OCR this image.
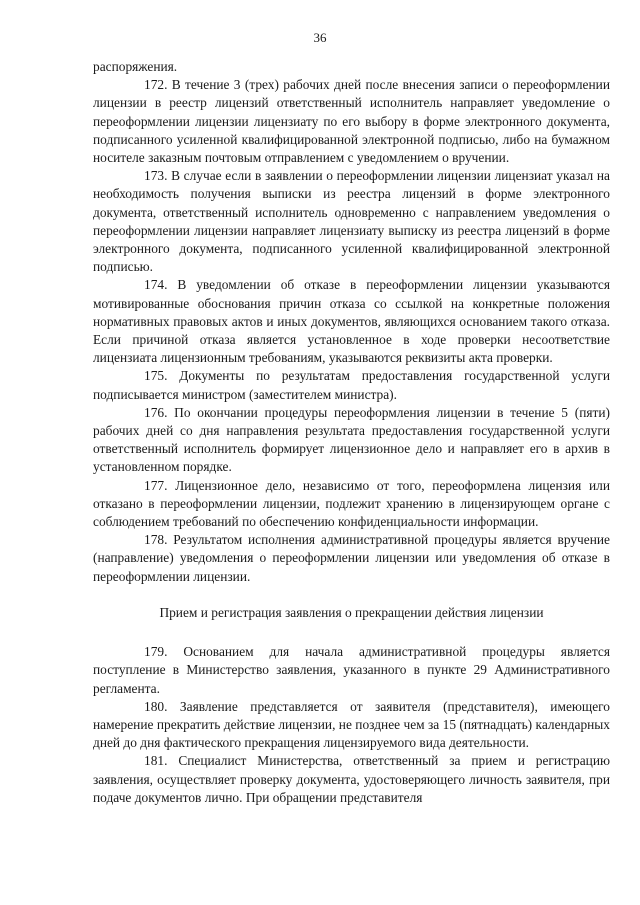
36

распоряжения.

172. В течение 3 (трех) рабочих дней после внесения записи о переоформлении лицензии в реестр лицензий ответственный исполнитель направляет уведомление о переоформлении лицензии лицензиату по его выбору в форме электронного документа, подписанного усиленной квалифицированной электронной подписью, либо на бумажном носителе заказным почтовым отправлением с уведомлением о вручении.

173. В случае если в заявлении о переоформлении лицензии лицензиат указал на необходимость получения выписки из реестра лицензий в форме электронного документа, ответственный исполнитель одновременно с направлением уведомления о переоформлении лицензии направляет лицензиату выписку из реестра лицензий в форме электронного документа, подписанного усиленной квалифицированной электронной подписью.

174. В уведомлении об отказе в переоформлении лицензии указываются мотивированные обоснования причин отказа со ссылкой на конкретные положения нормативных правовых актов и иных документов, являющихся основанием такого отказа. Если причиной отказа является установленное в ходе проверки несоответствие лицензиата лицензионным требованиям, указываются реквизиты акта проверки.

175. Документы по результатам предоставления государственной услуги подписывается министром (заместителем министра).

176. По окончании процедуры переоформления лицензии в течение 5 (пяти) рабочих дней со дня направления результата предоставления государственной услуги ответственный исполнитель формирует лицензионное дело и направляет его в архив в установленном порядке.

177. Лицензионное дело, независимо от того, переоформлена лицензия или отказано в переоформлении лицензии, подлежит хранению в лицензирующем органе с соблюдением требований по обеспечению конфиденциальности информации.

178. Результатом исполнения административной процедуры является вручение (направление) уведомления о переоформлении лицензии или уведомления об отказе в переоформлении лицензии.

Прием и регистрация заявления о прекращении действия лицензии

179. Основанием для начала административной процедуры является поступление в Министерство заявления, указанного в пункте 29 Административного регламента.

180. Заявление представляется от заявителя (представителя), имеющего намерение прекратить действие лицензии, не позднее чем за 15 (пятнадцать) календарных дней до дня фактического прекращения лицензируемого вида деятельности.

181. Специалист Министерства, ответственный за прием и регистрацию заявления, осуществляет проверку документа, удостоверяющего личность заявителя, при подаче документов лично. При обращении представителя
